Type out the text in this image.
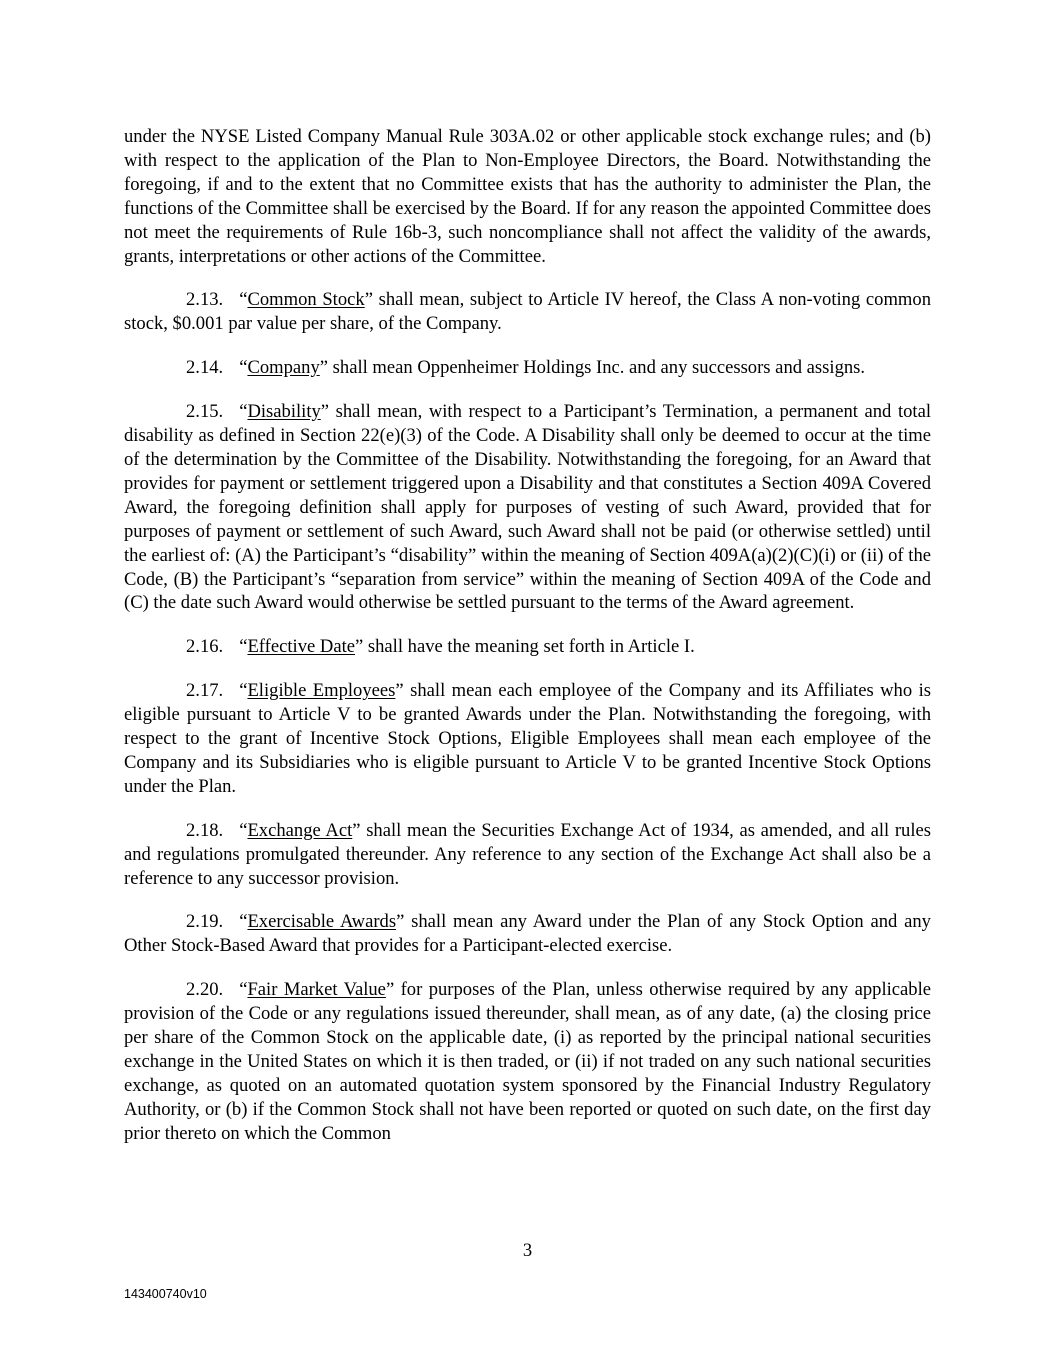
under the NYSE Listed Company Manual Rule 303A.02 or other applicable stock exchange rules; and (b) with respect to the application of the Plan to Non-Employee Directors, the Board. Notwithstanding the foregoing, if and to the extent that no Committee exists that has the authority to administer the Plan, the functions of the Committee shall be exercised by the Board. If for any reason the appointed Committee does not meet the requirements of Rule 16b-3, such noncompliance shall not affect the validity of the awards, grants, interpretations or other actions of the Committee.

2.13. “Common Stock” shall mean, subject to Article IV hereof, the Class A non-voting common stock, $0.001 par value per share, of the Company.

2.14. “Company” shall mean Oppenheimer Holdings Inc. and any successors and assigns.

2.15. “Disability” shall mean, with respect to a Participant’s Termination, a permanent and total disability as defined in Section 22(e)(3) of the Code. A Disability shall only be deemed to occur at the time of the determination by the Committee of the Disability. Notwithstanding the foregoing, for an Award that provides for payment or settlement triggered upon a Disability and that constitutes a Section 409A Covered Award, the foregoing definition shall apply for purposes of vesting of such Award, provided that for purposes of payment or settlement of such Award, such Award shall not be paid (or otherwise settled) until the earliest of: (A) the Participant’s “disability” within the meaning of Section 409A(a)(2)(C)(i) or (ii) of the Code, (B) the Participant’s “separation from service” within the meaning of Section 409A of the Code and (C) the date such Award would otherwise be settled pursuant to the terms of the Award agreement.

2.16. “Effective Date” shall have the meaning set forth in Article I.

2.17. “Eligible Employees” shall mean each employee of the Company and its Affiliates who is eligible pursuant to Article V to be granted Awards under the Plan. Notwithstanding the foregoing, with respect to the grant of Incentive Stock Options, Eligible Employees shall mean each employee of the Company and its Subsidiaries who is eligible pursuant to Article V to be granted Incentive Stock Options under the Plan.

2.18. “Exchange Act” shall mean the Securities Exchange Act of 1934, as amended, and all rules and regulations promulgated thereunder. Any reference to any section of the Exchange Act shall also be a reference to any successor provision.

2.19. “Exercisable Awards” shall mean any Award under the Plan of any Stock Option and any Other Stock-Based Award that provides for a Participant-elected exercise.

2.20. “Fair Market Value” for purposes of the Plan, unless otherwise required by any applicable provision of the Code or any regulations issued thereunder, shall mean, as of any date, (a) the closing price per share of the Common Stock on the applicable date, (i) as reported by the principal national securities exchange in the United States on which it is then traded, or (ii) if not traded on any such national securities exchange, as quoted on an automated quotation system sponsored by the Financial Industry Regulatory Authority, or (b) if the Common Stock shall not have been reported or quoted on such date, on the first day prior thereto on which the Common

3
143400740v10
